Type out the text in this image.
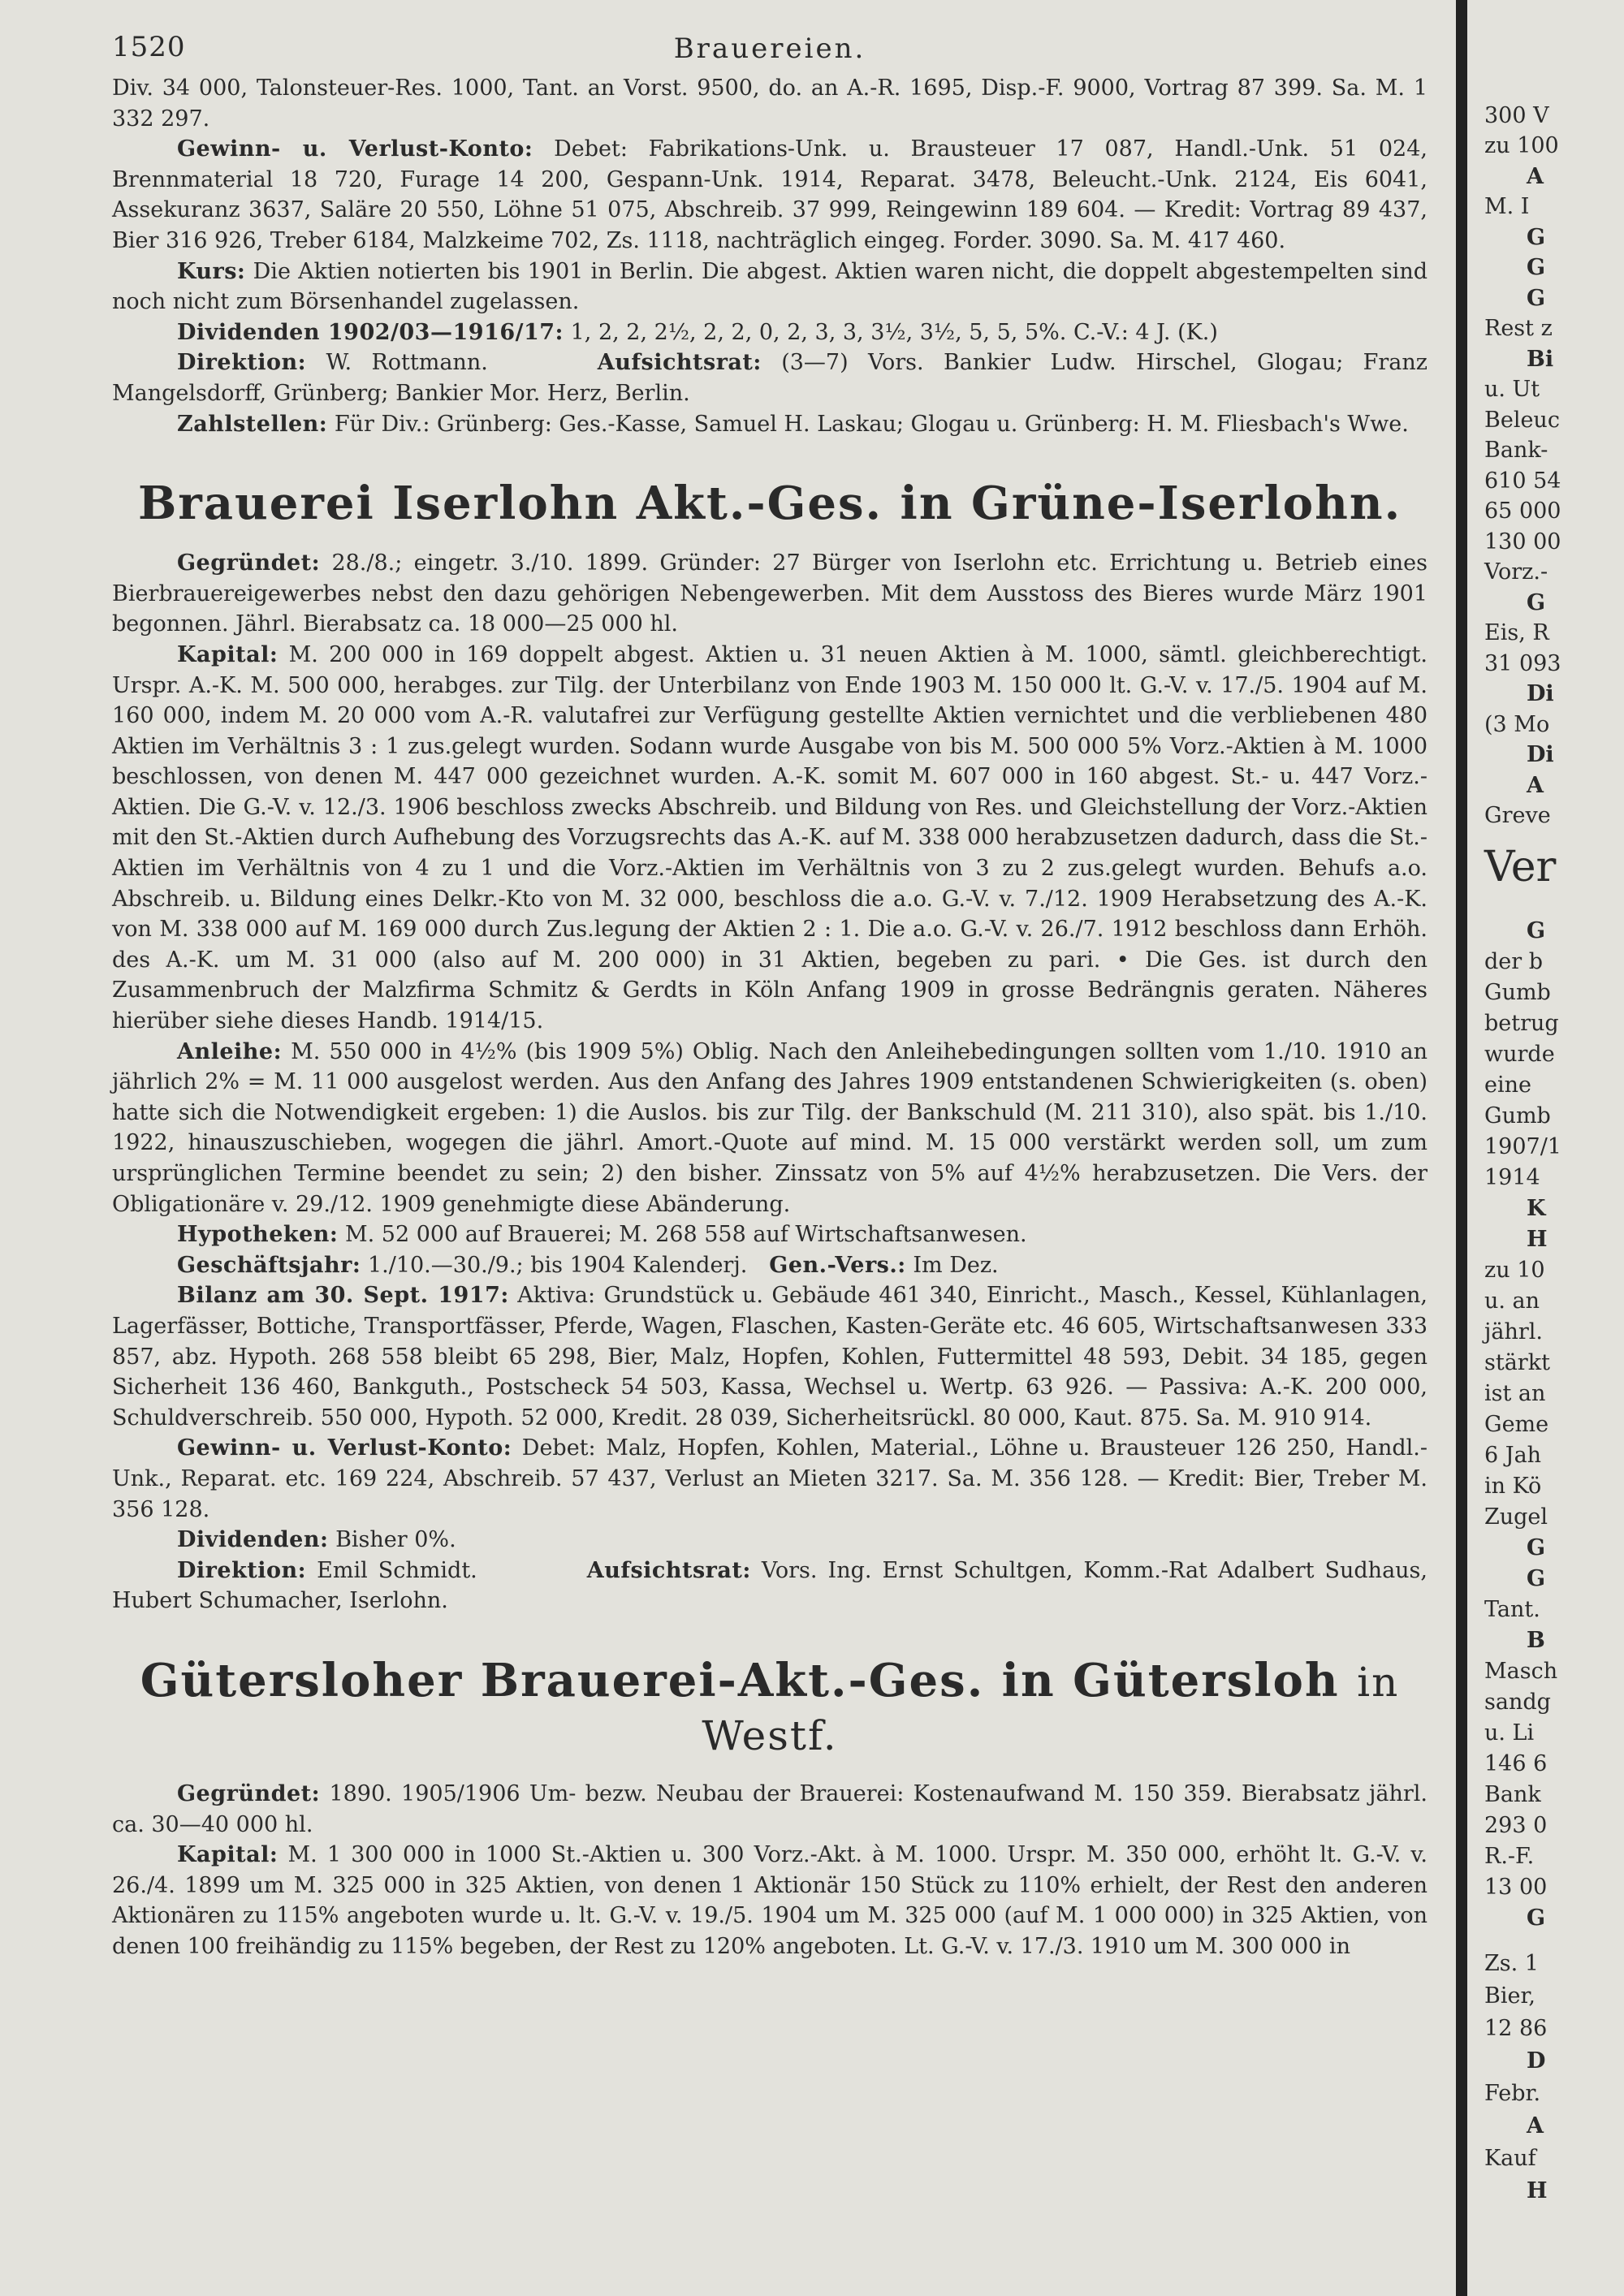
1520	Brauereien.

Div. 34 000, Talonsteuer-Res. 1000, Tant. an Vorst. 9500, do. an A.-R. 1695, Disp.-F. 9000, Vortrag 87 399. Sa. M. 1 332 297.

Gewinn- u. Verlust-Konto: Debet: Fabrikations-Unk. u. Brausteuer 17 087, Handl.-Unk. 51 024, Brennmaterial 18 720, Furage 14 200, Gespann-Unk. 1914, Reparat. 3478, Beleucht.-Unk. 2124, Eis 6041, Assekuranz 3637, Saläre 20 550, Löhne 51 075, Abschreib. 37 999, Reingewinn 189 604. — Kredit: Vortrag 89 437, Bier 316 926, Treber 6184, Malzkeime 702, Zs. 1118, nachträglich eingeg. Forder. 3090. Sa. M. 417 460.

Kurs: Die Aktien notierten bis 1901 in Berlin. Die abgest. Aktien waren nicht, die doppelt abgestempelten sind noch nicht zum Börsenhandel zugelassen.

Dividenden 1902/03—1916/17: 1, 2, 2, 2½, 2, 2, 0, 2, 3, 3, 3½, 3½, 5, 5, 5%. C.-V.: 4 J. (K.)

Direktion: W. Rottmann.     	Aufsichtsrat: (3—7) Vors. Bankier Ludw. Hirschel, Glogau; Franz Mangelsdorff, Grünberg; Bankier Mor. Herz, Berlin.

Zahlstellen: Für Div.: Grünberg: Ges.-Kasse, Samuel H. Laskau; Glogau u. Grünberg: H. M. Fliesbach's Wwe.

Brauerei Iserlohn Akt.-Ges. in Grüne-Iserlohn.

Gegründet: 28./8.; eingetr. 3./10. 1899. Gründer: 27 Bürger von Iserlohn etc. Errichtung u. Betrieb eines Bierbrauereigewerbes nebst den dazu gehörigen Nebengewerben. Mit dem Ausstoss des Bieres wurde März 1901 begonnen. Jährl. Bierabsatz ca. 18 000—25 000 hl.

Kapital: M. 200 000 in 169 doppelt abgest. Aktien u. 31 neuen Aktien à M. 1000, sämtl. gleichberechtigt. Urspr. A.-K. M. 500 000, herabges. zur Tilg. der Unterbilanz von Ende 1903 M. 150 000 lt. G.-V. v. 17./5. 1904 auf M. 160 000, indem M. 20 000 vom A.-R. valutafrei zur Verfügung gestellte Aktien vernichtet und die verbliebenen 480 Aktien im Verhältnis 3 : 1 zus.gelegt wurden. Sodann wurde Ausgabe von bis M. 500 000 5% Vorz.-Aktien à M. 1000 beschlossen, von denen M. 447 000 gezeichnet wurden. A.-K. somit M. 607 000 in 160 abgest. St.- u. 447 Vorz.-Aktien. Die G.-V. v. 12./3. 1906 beschloss zwecks Abschreib. und Bildung von Res. und Gleichstellung der Vorz.-Aktien mit den St.-Aktien durch Aufhebung des Vorzugsrechts das A.-K. auf M. 338 000 herabzusetzen dadurch, dass die St.-Aktien im Verhältnis von 4 zu 1 und die Vorz.-Aktien im Verhältnis von 3 zu 2 zus.gelegt wurden. Behufs a.o. Abschreib. u. Bildung eines Delkr.-Kto von M. 32 000, beschloss die a.o. G.-V. v. 7./12. 1909 Herabsetzung des A.-K. von M. 338 000 auf M. 169 000 durch Zus.legung der Aktien 2 : 1. Die a.o. G.-V. v. 26./7. 1912 beschloss dann Erhöh. des A.-K. um M. 31 000 (also auf M. 200 000) in 31 Aktien, begeben zu pari. • Die Ges. ist durch den Zusammenbruch der Malzfirma Schmitz & Gerdts in Köln Anfang 1909 in grosse Bedrängnis geraten. Näheres hierüber siehe dieses Handb. 1914/15.

Anleihe: M. 550 000 in 4½% (bis 1909 5%) Oblig. Nach den Anleihebedingungen sollten vom 1./10. 1910 an jährlich 2% = M. 11 000 ausgelost werden. Aus den Anfang des Jahres 1909 entstandenen Schwierigkeiten (s. oben) hatte sich die Notwendigkeit ergeben: 1) die Auslos. bis zur Tilg. der Bankschuld (M. 211 310), also spät. bis 1./10. 1922, hinauszuschieben, wogegen die jährl. Amort.-Quote auf mind. M. 15 000 verstärkt werden soll, um zum ursprünglichen Termine beendet zu sein; 2) den bisher. Zinssatz von 5% auf 4½% herabzusetzen. Die Vers. der Obligationäre v. 29./12. 1909 genehmigte diese Abänderung.

Hypotheken: M. 52 000 auf Brauerei; M. 268 558 auf Wirtschaftsanwesen.

Geschäftsjahr: 1./10.—30./9.; bis 1904 Kalenderj.  Gen.-Vers.: Im Dez.

Bilanz am 30. Sept. 1917: Aktiva: Grundstück u. Gebäude 461 340, Einricht., Masch., Kessel, Kühlanlagen, Lagerfässer, Bottiche, Transportfässer, Pferde, Wagen, Flaschen, Kasten-Geräte etc. 46 605, Wirtschaftsanwesen 333 857, abz. Hypoth. 268 558 bleibt 65 298, Bier, Malz, Hopfen, Kohlen, Futtermittel 48 593, Debit. 34 185, gegen Sicherheit 136 460, Bankguth., Postscheck 54 503, Kassa, Wechsel u. Wertp. 63 926. — Passiva: A.-K. 200 000, Schuldverschreib. 550 000, Hypoth. 52 000, Kredit. 28 039, Sicherheitsrückl. 80 000, Kaut. 875. Sa. M. 910 914.

Gewinn- u. Verlust-Konto: Debet: Malz, Hopfen, Kohlen, Material., Löhne u. Brausteuer 126 250, Handl.-Unk., Reparat. etc. 169 224, Abschreib. 57 437, Verlust an Mieten 3217. Sa. M. 356 128. — Kredit: Bier, Treber M. 356 128.

Dividenden: Bisher 0%.

Direktion: Emil Schmidt.     	Aufsichtsrat: Vors. Ing. Ernst Schultgen, Komm.-Rat Adalbert Sudhaus, Hubert Schumacher, Iserlohn.

Gütersloher Brauerei-Akt.-Ges. in Gütersloh in Westf.

Gegründet: 1890. 1905/1906 Um- bezw. Neubau der Brauerei: Kostenaufwand M. 150 359. Bierabsatz jährl. ca. 30—40 000 hl.

Kapital: M. 1 300 000 in 1000 St.-Aktien u. 300 Vorz.-Akt. à M. 1000. Urspr. M. 350 000, erhöht lt. G.-V. v. 26./4. 1899 um M. 325 000 in 325 Aktien, von denen 1 Aktionär 150 Stück zu 110% erhielt, der Rest den anderen Aktionären zu 115% angeboten wurde u. lt. G.-V. v. 19./5. 1904 um M. 325 000 (auf M. 1 000 000) in 325 Aktien, von denen 100 freihändig zu 115% begeben, der Rest zu 120% angeboten. Lt. G.-V. v. 17./3. 1910 um M. 300 000 in

300 V
zu 100
A
M. I
G
G
G
Rest z
Bi
u. Ut
Beleuc
Bank-
610 54
65 000
130 00
Vorz.-
G
Eis, R
31 093
Di
(3 Mo
Di
A
Greve
Ver
G
der b
Gumb
betrug
wurde
eine
Gumb
1907/1
1914
K
H
zu 10
u. an
jährl.
stärkt
ist an
Geme
6 Jah
in Kö
Zugel
G
G
Tant.
B
Masch
sandg
u. Li
146 6
Bank
293 0
R.-F.
13 00
G
Zs. 1
Bier,
12 86
D
Febr.
A
Kauf
H
